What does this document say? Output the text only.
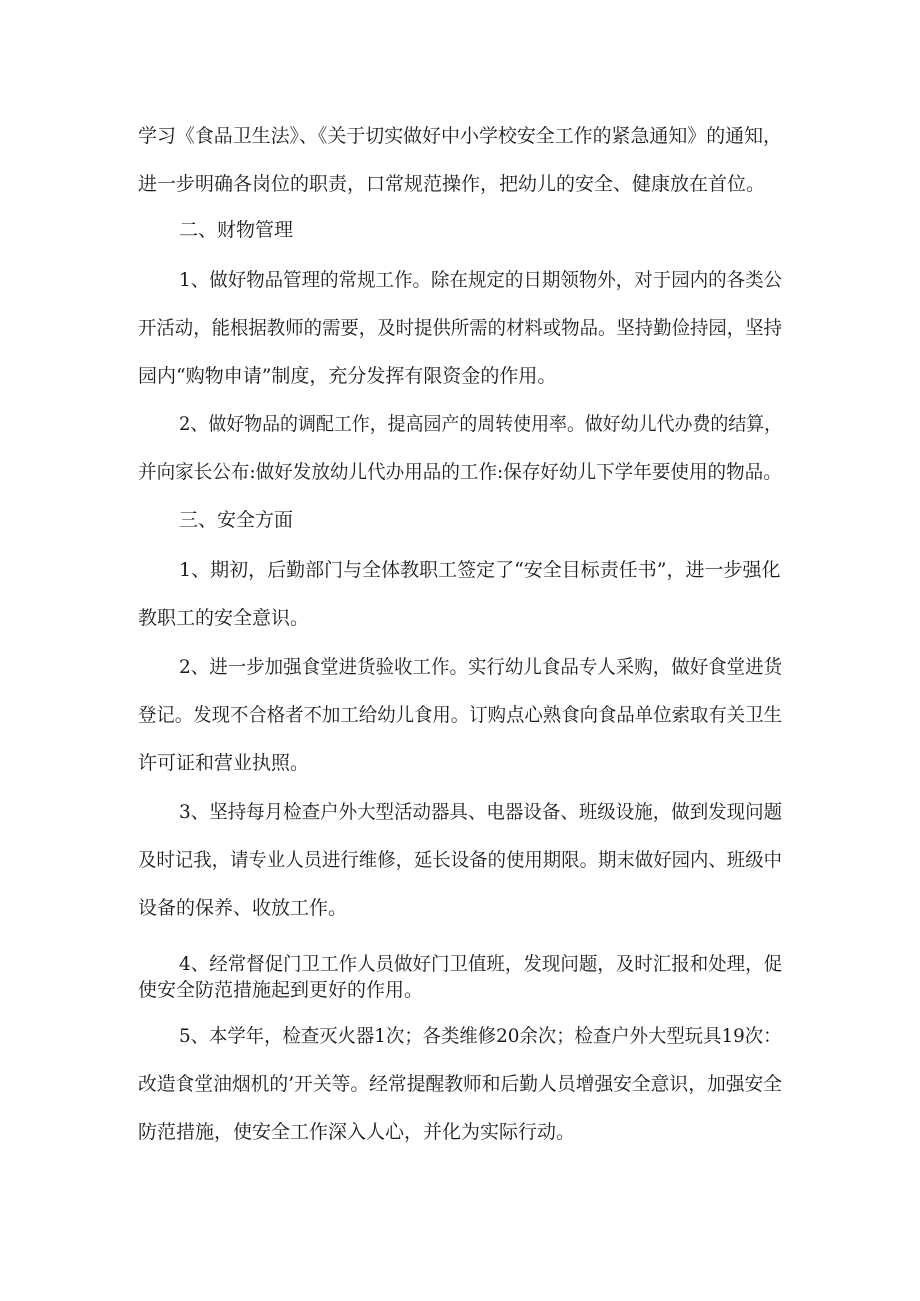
学习《食品卫生法》、《关于切实做好中小学校安全工作的紧急通知》的通知，
进一步明确各岗位的职责，口常规范操作，把幼儿的安全、健康放在首位。
二、财物管理
1、做好物品管理的常规工作。除在规定的日期领物外，对于园内的各类公
开活动，能根据教师的需要，及时提供所需的材料或物品。坚持勤俭持园，坚持
园内“购物申请”制度，充分发挥有限资金的作用。
2、做好物品的调配工作，提高园产的周转使用率。做好幼儿代办费的结算，
并向家长公布:做好发放幼儿代办用品的工作:保存好幼儿下学年要使用的物品。
三、安全方面
1、期初，后勤部门与全体教职工签定了“安全目标责任书”，进一步强化
教职工的安全意识。
2、进一步加强食堂进货验收工作。实行幼儿食品专人采购，做好食堂进货
登记。发现不合格者不加工给幼儿食用。订购点心熟食向食品单位索取有关卫生
许可证和营业执照。
3、坚持每月检查户外大型活动器具、电器设备、班级设施，做到发现问题
及时记我，请专业人员进行维修，延长设备的使用期限。期末做好园内、班级中
设备的保养、收放工作。
4、经常督促门卫工作人员做好门卫值班，发现问题，及时汇报和处理，促
使安全防范措施起到更好的作用。
5、本学年，检查灭火器1次；各类维修20余次；检查户外大型玩具19次：
改造食堂油烟机的’开关等。经常提醒教师和后勤人员增强安全意识，加强安全
防范措施，使安全工作深入人心，并化为实际行动。
